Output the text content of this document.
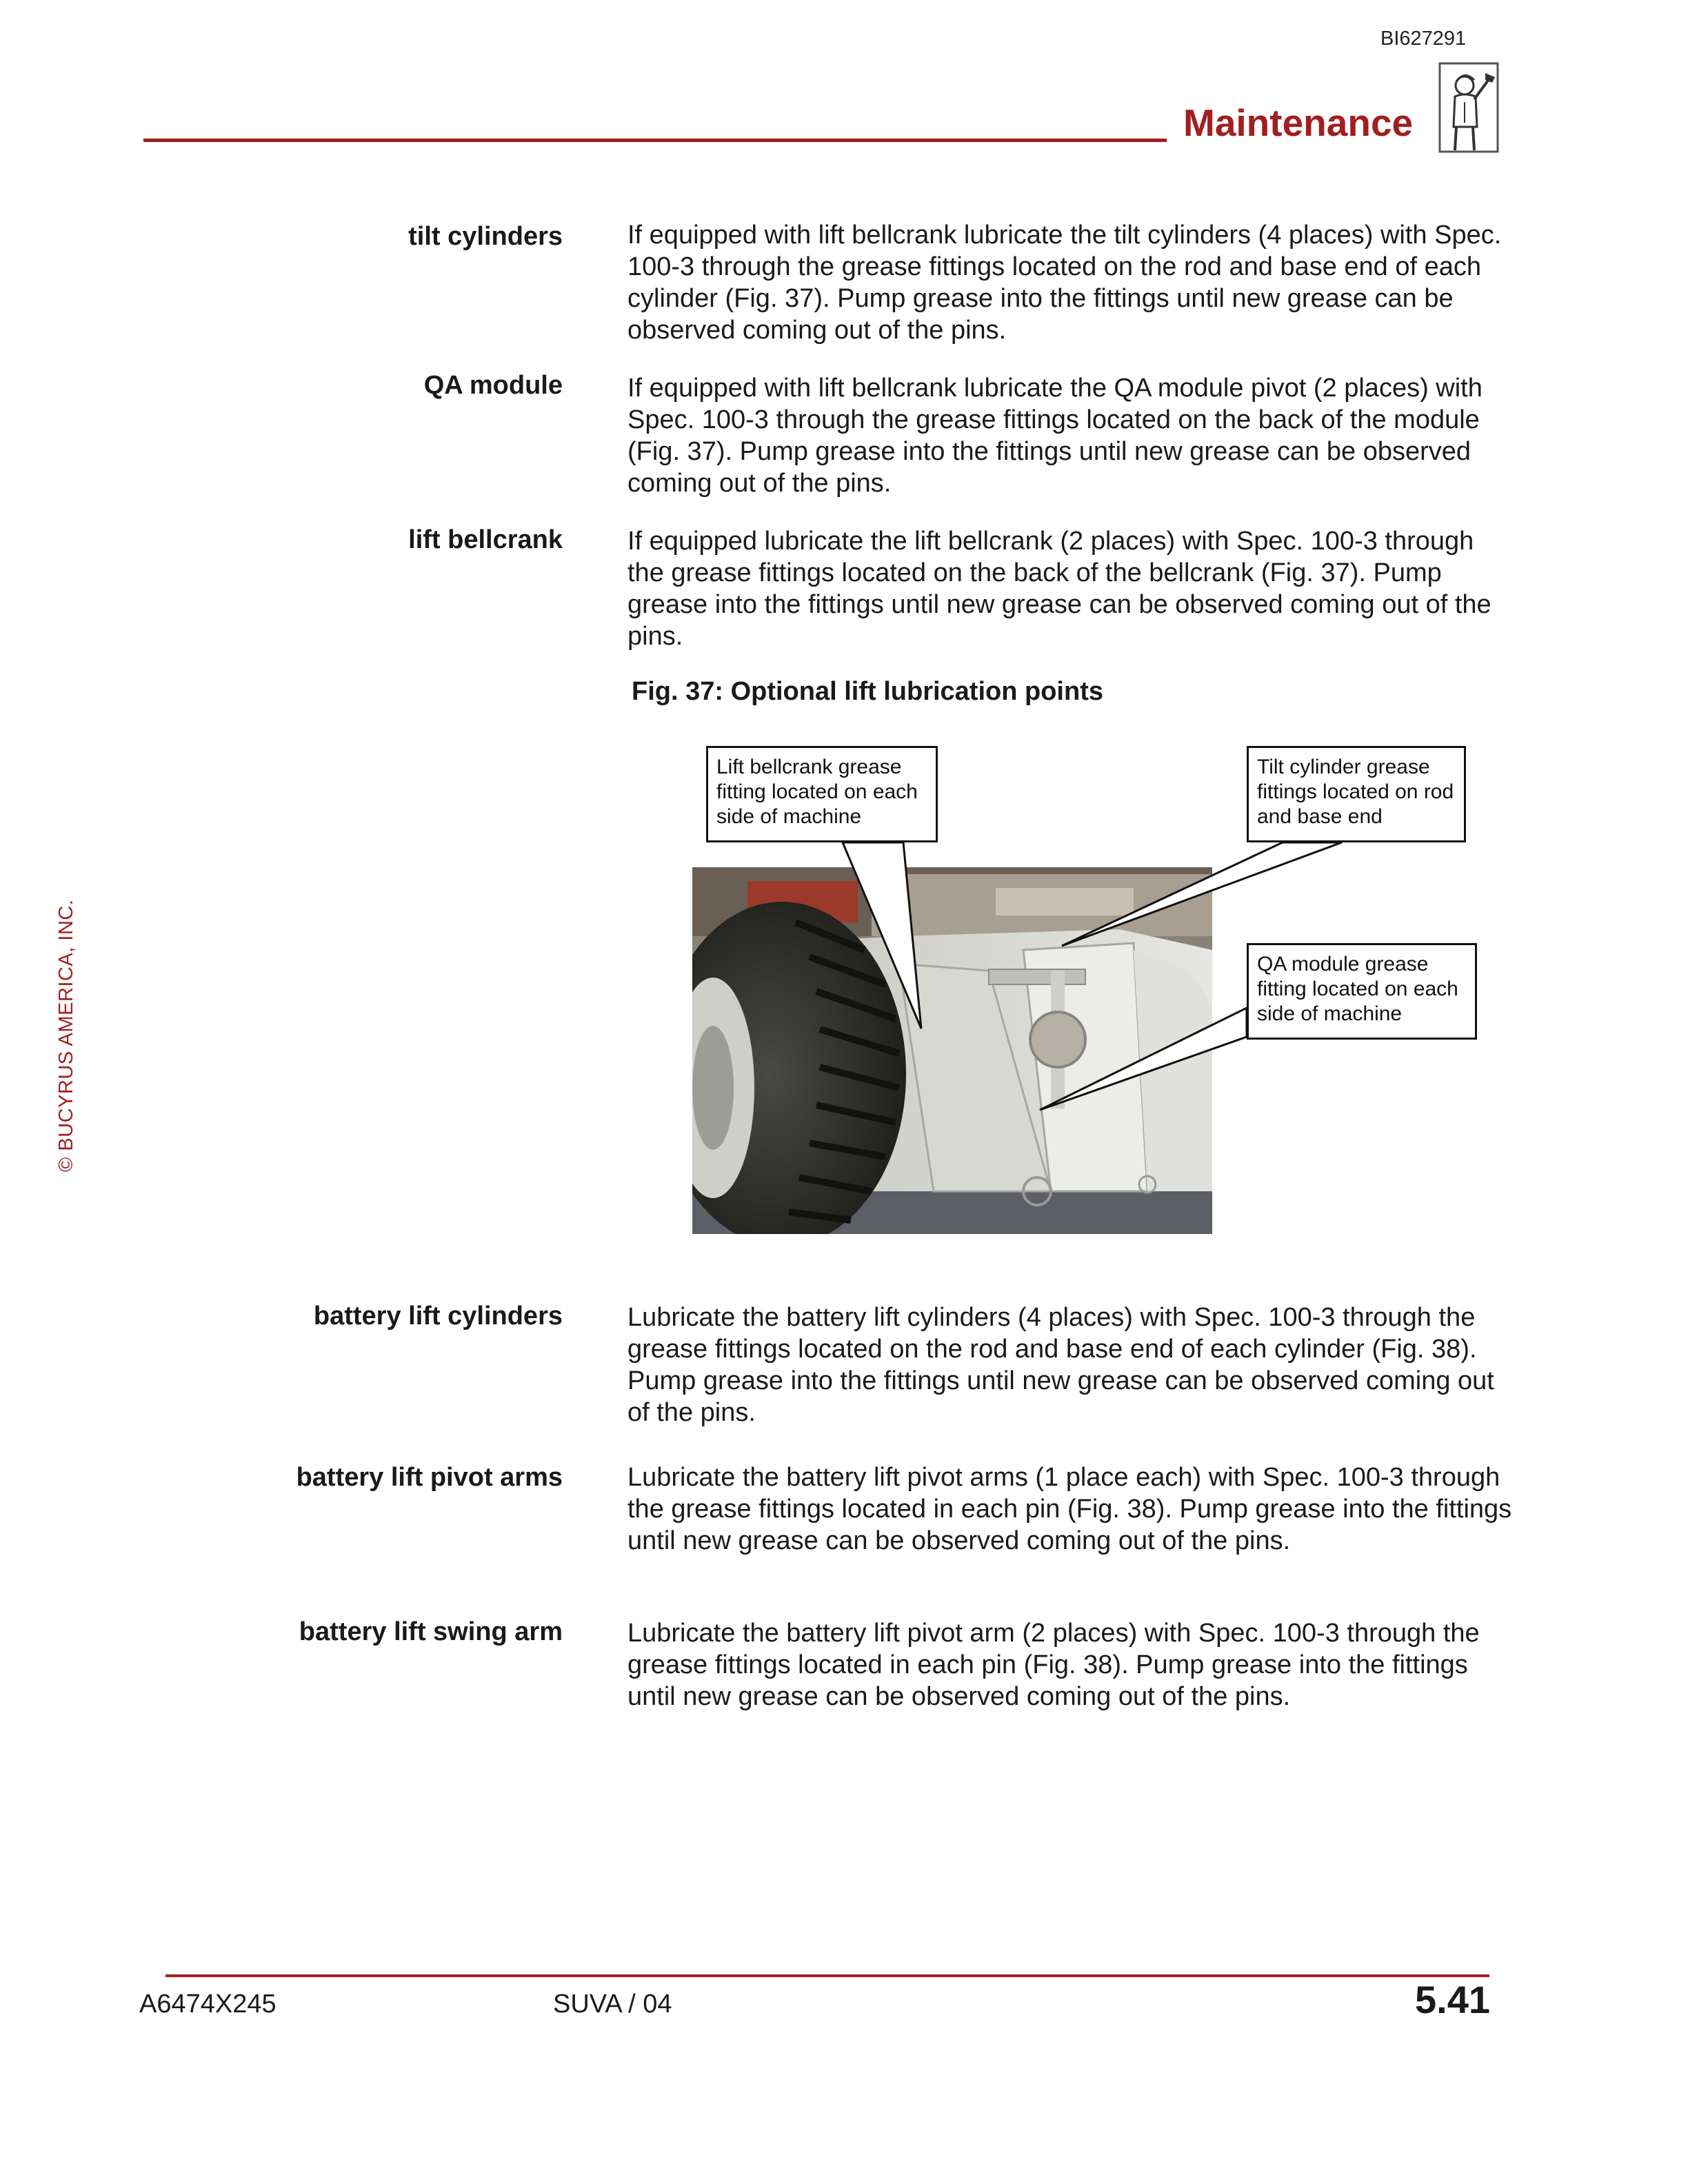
BI627291
Maintenance
© BUCYRUS AMERICA, INC.
tilt cylinders If equipped with lift bellcrank lubricate the tilt cylinders (4 places) with Spec. 100-3 through the grease fittings located on the rod and base end of each cylinder (Fig. 37). Pump grease into the fittings until new grease can be observed coming out of the pins.
QA module If equipped with lift bellcrank lubricate the QA module pivot (2 places) with Spec. 100-3 through the grease fittings located on the back of the module (Fig. 37). Pump grease into the fittings until new grease can be observed coming out of the pins.
lift bellcrank If equipped lubricate the lift bellcrank (2 places) with Spec. 100-3 through the grease fittings located on the back of the bellcrank (Fig. 37). Pump grease into the fittings until new grease can be observed coming out of the pins.
Fig. 37: Optional lift lubrication points
Lift bellcrank grease fitting located on each side of machine
Tilt cylinder grease fittings located on rod and base end
QA module grease fitting located on each side of machine
battery lift cylinders Lubricate the battery lift cylinders (4 places) with Spec. 100-3 through the grease fittings located on the rod and base end of each cylinder (Fig. 38). Pump grease into the fittings until new grease can be observed coming out of the pins.
battery lift pivot arms Lubricate the battery lift pivot arms (1 place each) with Spec. 100-3 through the grease fittings located in each pin (Fig. 38). Pump grease into the fittings until new grease can be observed coming out of the pins.
battery lift swing arm Lubricate the battery lift pivot arm (2 places) with Spec. 100-3 through the grease fittings located in each pin (Fig. 38). Pump grease into the fittings until new grease can be observed coming out of the pins.
A6474X245	SUVA / 04	5.41
